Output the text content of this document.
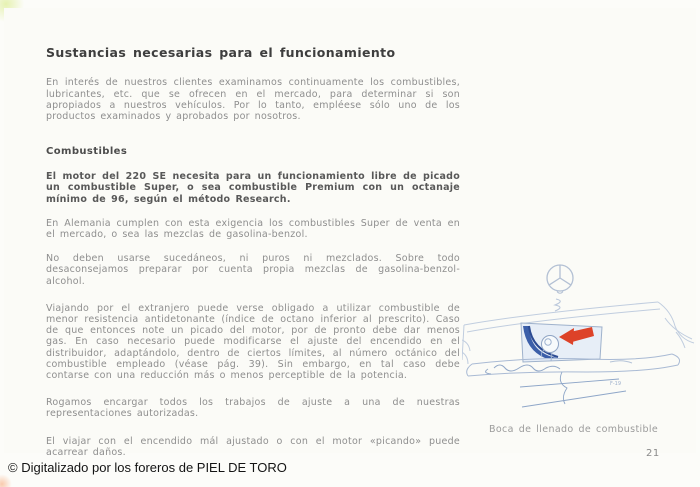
Sustancias necesarias para el funcionamiento

En interés de nuestros clientes examinamos continuamente los combustibles, lubricantes, etc. que se ofrecen en el mercado, para determinar si son apropiados a nuestros vehículos. Por lo tanto, empléese sólo uno de los productos examinados y aprobados por nosotros.

Combustibles

El motor del 220 SE necesita para un funcionamiento libre de picado un combustible Super, o sea combustible Premium con un octanaje mínimo de 96, según el método Research.

En Alemania cumplen con esta exigencia los combustibles Super de venta en el mercado, o sea las mezclas de gasolina-benzol.

No deben usarse sucedáneos, ni puros ni mezclados. Sobre todo desaconsejamos preparar por cuenta propia mezclas de gasolina-benzol-alcohol.

Viajando por el extranjero puede verse obligado a utilizar combustible de menor resistencia antidetonante (índice de octano inferior al prescrito). Caso de que entonces note un picado del motor, por de pronto debe dar menos gas. En caso necesario puede modificarse el ajuste del encendido en el distribuidor, adaptándolo, dentro de ciertos límites, al número octánico del combustible empleado (véase pág. 39). Sin embargo, en tal caso debe contarse con una reducción más o menos perceptible de la potencia.

Rogamos encargar todos los trabajos de ajuste a una de nuestras representaciones autorizadas.

El viajar con el encendido mál ajustado o con el motor «picando» puede acarrear daños.

F-19
Boca de llenado de combustible
21
© Digitalizado por los foreros de PIEL DE TORO
